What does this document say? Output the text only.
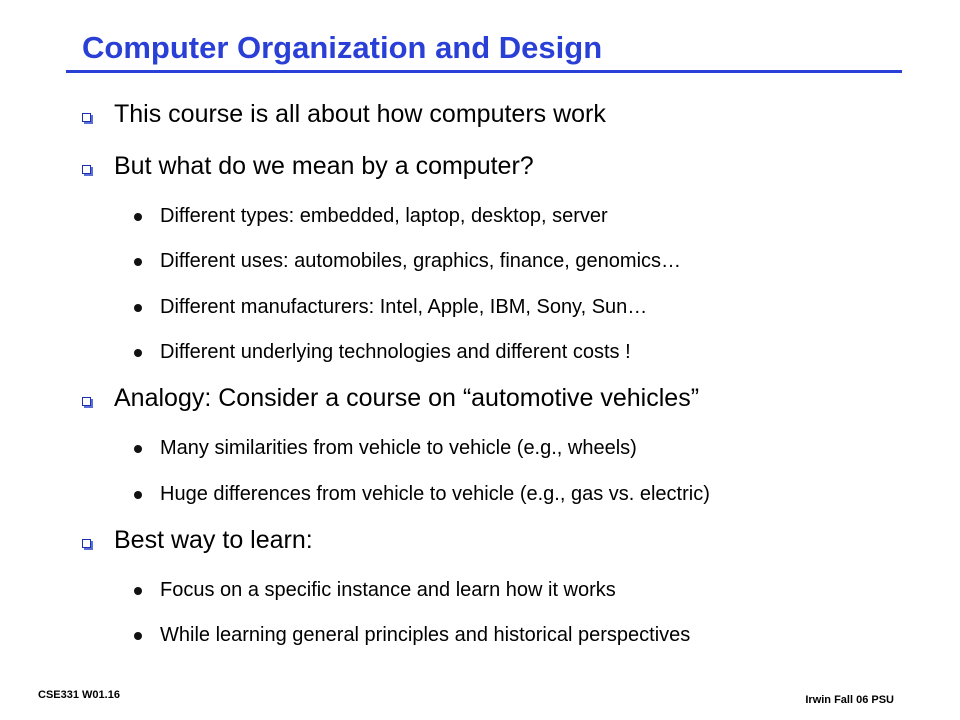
Computer Organization and Design
This course is all about how computers work
But what do we mean by a computer?
Different types: embedded, laptop, desktop, server
Different uses: automobiles, graphics, finance, genomics…
Different manufacturers: Intel, Apple, IBM, Sony, Sun…
Different underlying technologies and different costs !
Analogy: Consider a course on “automotive vehicles”
Many similarities from vehicle to vehicle (e.g., wheels)
Huge differences from vehicle to vehicle (e.g., gas vs. electric)
Best way to learn:
Focus on a specific instance and learn how it works
While learning general principles and historical perspectives
CSE331 W01.16	Irwin Fall 06 PSU
